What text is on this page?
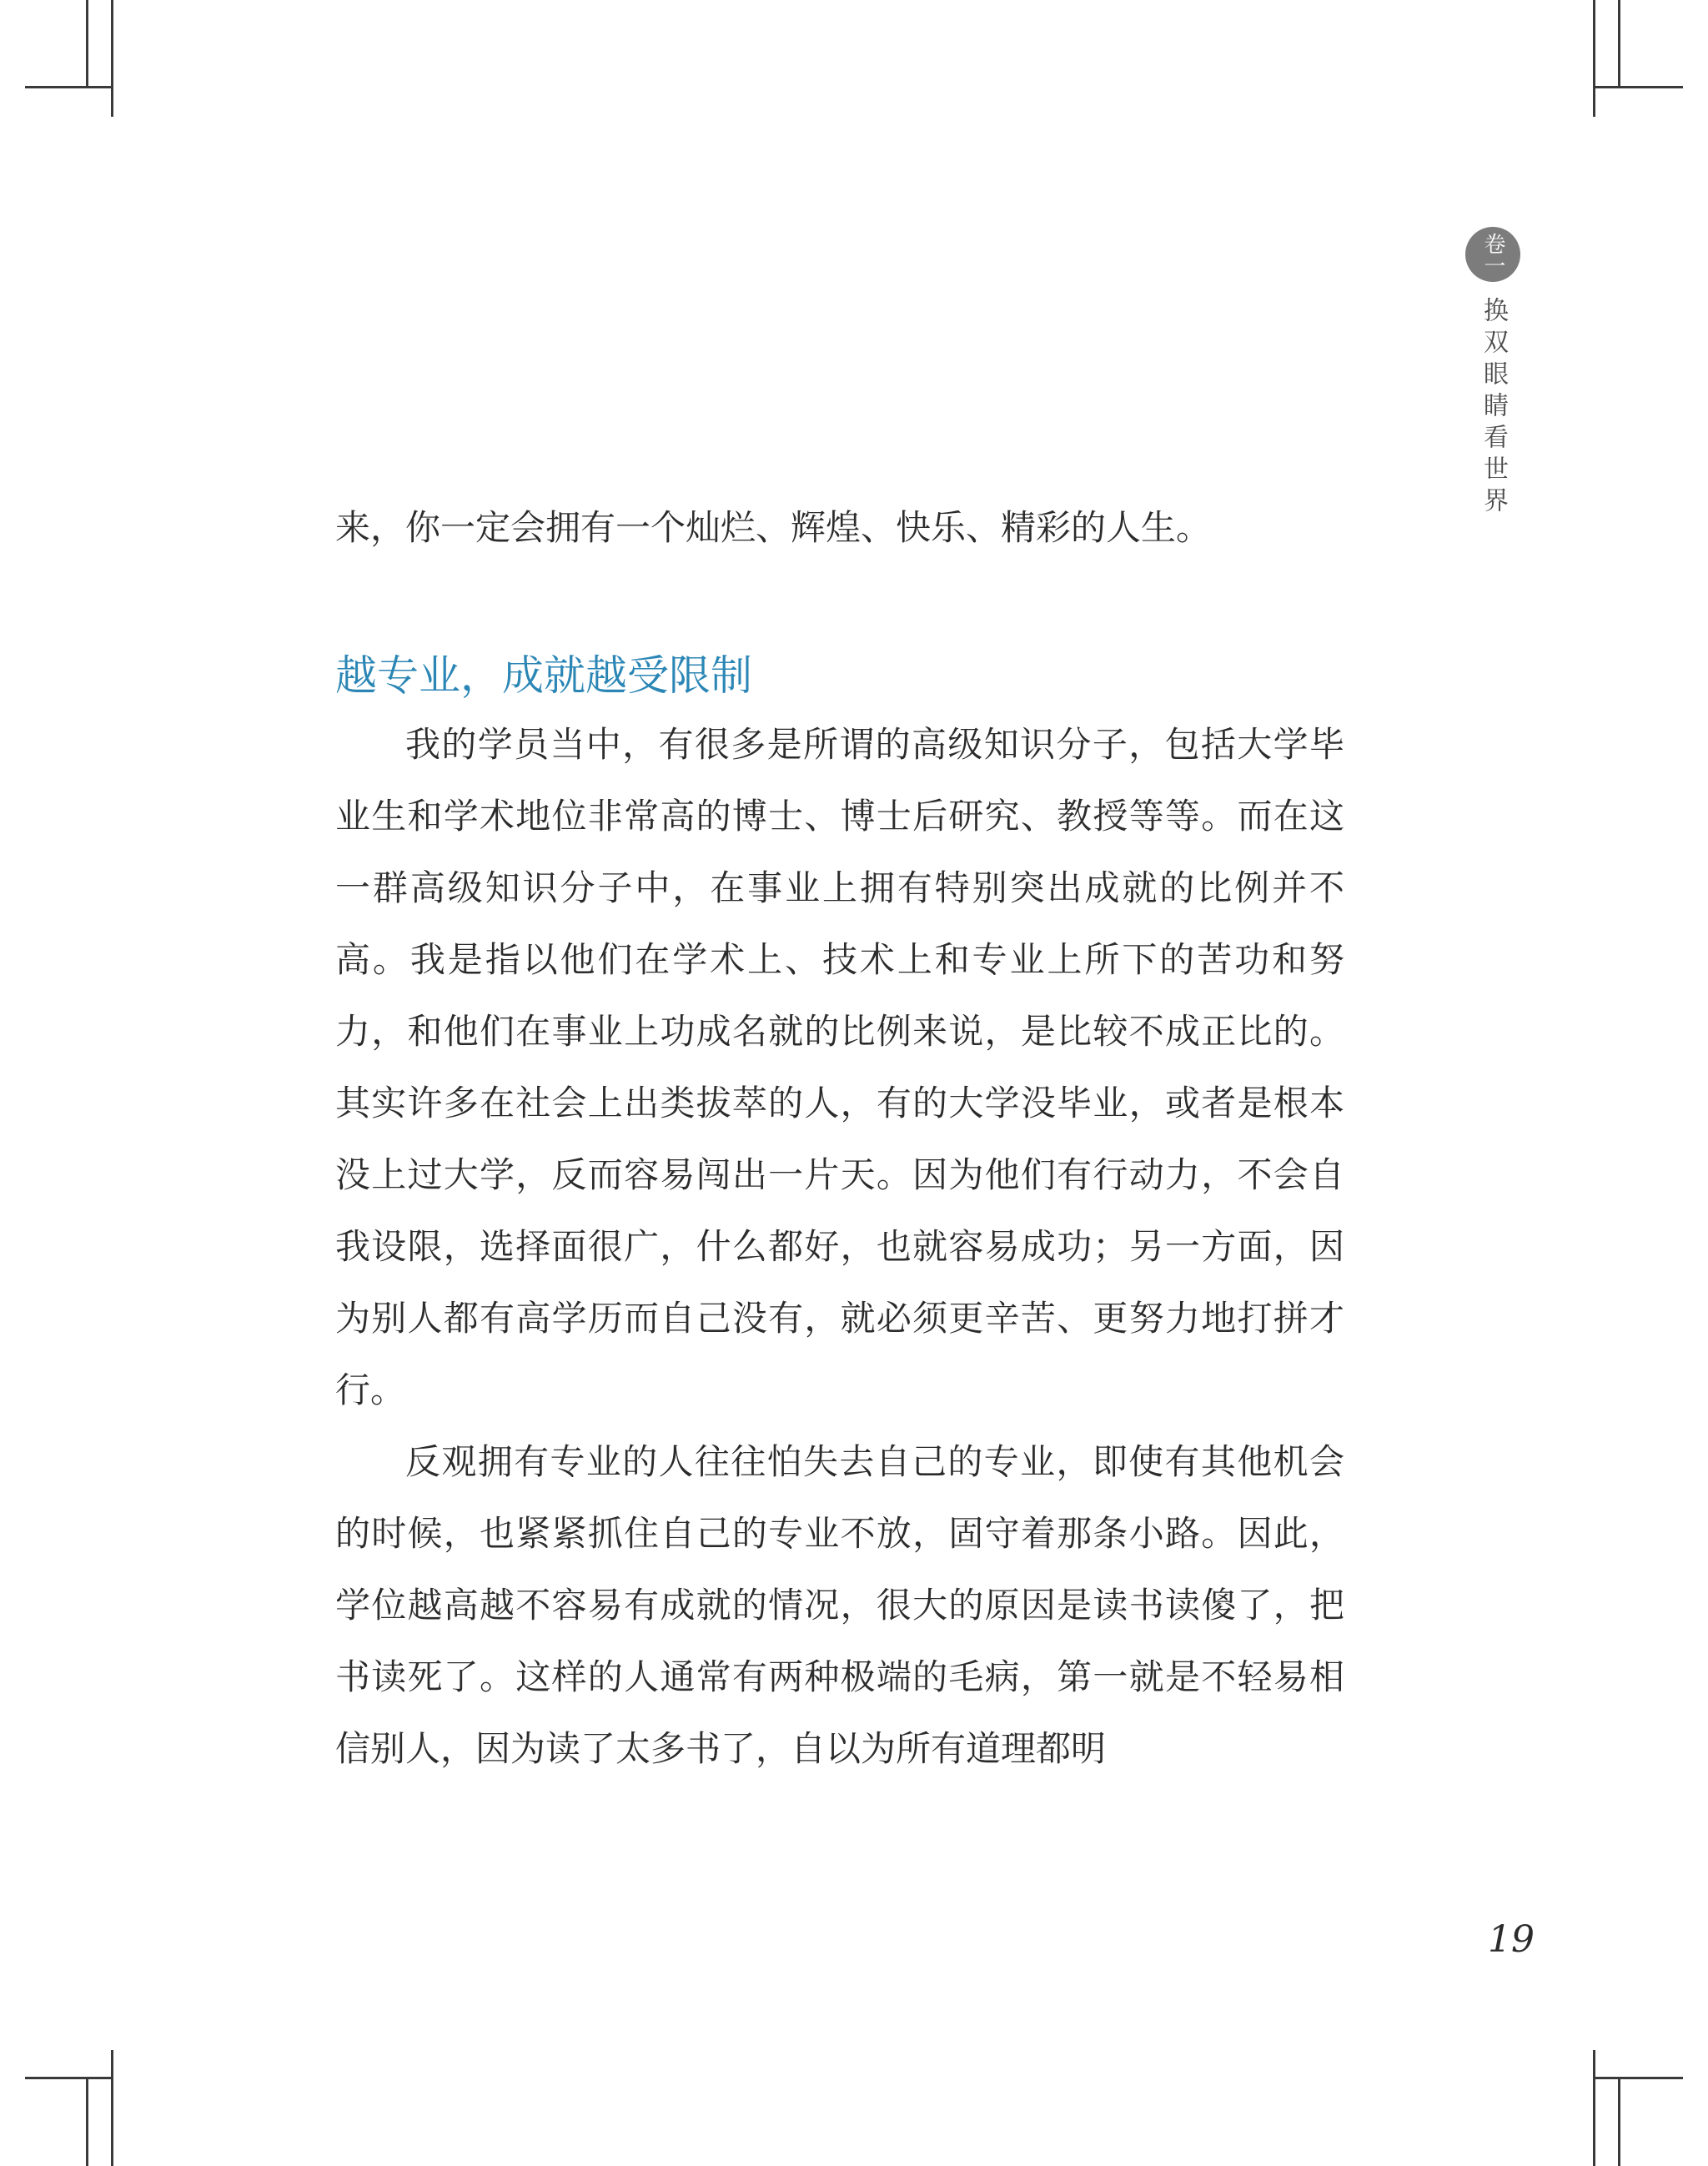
卷一
换双眼睛看世界
来，你一定会拥有一个灿烂、辉煌、快乐、精彩的人生。
越专业，成就越受限制

我的学员当中，有很多是所谓的高级知识分子，包括大学毕业生和学术地位非常高的博士、博士后研究、教授等等。而在这一群高级知识分子中，在事业上拥有特别突出成就的比例并不高。我是指以他们在学术上、技术上和专业上所下的苦功和努力，和他们在事业上功成名就的比例来说，是比较不成正比的。其实许多在社会上出类拔萃的人，有的大学没毕业，或者是根本没上过大学，反而容易闯出一片天。因为他们有行动力，不会自我设限，选择面很广，什么都好，也就容易成功；另一方面，因为别人都有高学历而自己没有，就必须更辛苦、更努力地打拼才行。

反观拥有专业的人往往怕失去自己的专业，即使有其他机会的时候，也紧紧抓住自己的专业不放，固守着那条小路。因此，学位越高越不容易有成就的情况，很大的原因是读书读傻了，把书读死了。这样的人通常有两种极端的毛病，第一就是不轻易相信别人，因为读了太多书了，自以为所有道理都明

19
